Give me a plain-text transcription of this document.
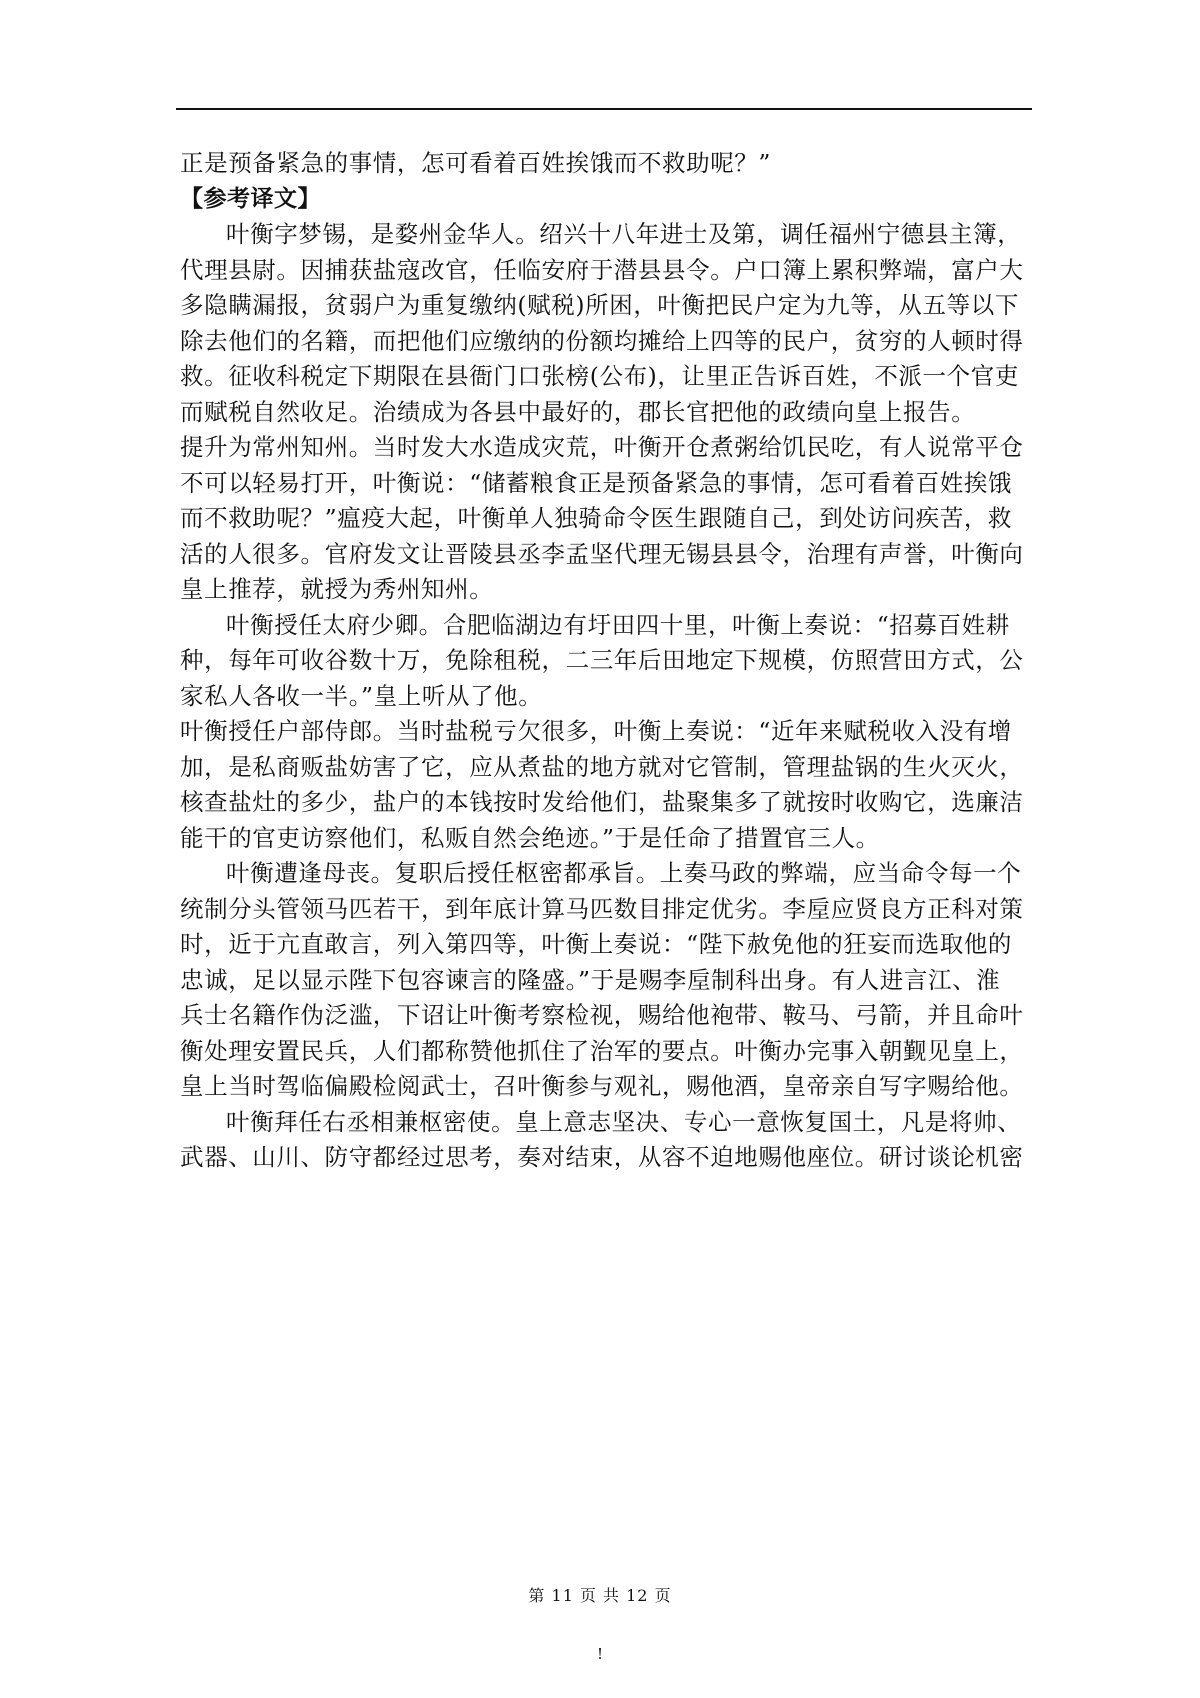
正是预备紧急的事情，怎可看着百姓挨饿而不救助呢？”

【参考译文】

叶衡字梦锡，是婺州金华人。绍兴十八年进士及第，调任福州宁德县主簿，

代理县尉。因捕获盐寇改官，任临安府于潜县县令。户口簿上累积弊端，富户大

多隐瞒漏报，贫弱户为重复缴纳(赋税)所困，叶衡把民户定为九等，从五等以下

除去他们的名籍，而把他们应缴纳的份额均摊给上四等的民户，贫穷的人顿时得

救。征收科税定下期限在县衙门口张榜(公布)，让里正告诉百姓，不派一个官吏

而赋税自然收足。治绩成为各县中最好的，郡长官把他的政绩向皇上报告。

提升为常州知州。当时发大水造成灾荒，叶衡开仓煮粥给饥民吃，有人说常平仓

不可以轻易打开，叶衡说：“储蓄粮食正是预备紧急的事情，怎可看着百姓挨饿

而不救助呢？”瘟疫大起，叶衡单人独骑命令医生跟随自己，到处访问疾苦，救

活的人很多。官府发文让晋陵县丞李孟坚代理无锡县县令，治理有声誉，叶衡向

皇上推荐，就授为秀州知州。

叶衡授任太府少卿。合肥临湖边有圩田四十里，叶衡上奏说：“招募百姓耕

种，每年可收谷数十万，免除租税，二三年后田地定下规模，仿照营田方式，公

家私人各收一半。”皇上听从了他。

叶衡授任户部侍郎。当时盐税亏欠很多，叶衡上奏说：“近年来赋税收入没有增

加，是私商贩盐妨害了它，应从煮盐的地方就对它管制，管理盐锅的生火灭火，

核查盐灶的多少，盐户的本钱按时发给他们，盐聚集多了就按时收购它，选廉洁

能干的官吏访察他们，私贩自然会绝迹。”于是任命了措置官三人。

叶衡遭逢母丧。复职后授任枢密都承旨。上奏马政的弊端，应当命令每一个

统制分头管领马匹若干，到年底计算马匹数目排定优劣。李垕应贤良方正科对策

时，近于亢直敢言，列入第四等，叶衡上奏说：“陛下赦免他的狂妄而选取他的

忠诚，足以显示陛下包容谏言的隆盛。”于是赐李垕制科出身。有人进言江、淮

兵士名籍作伪泛滥，下诏让叶衡考察检视，赐给他袍带、鞍马、弓箭，并且命叶

衡处理安置民兵，人们都称赞他抓住了治军的要点。叶衡办完事入朝觐见皇上，

皇上当时驾临偏殿检阅武士，召叶衡参与观礼，赐他酒，皇帝亲自写字赐给他。

叶衡拜任右丞相兼枢密使。皇上意志坚决、专心一意恢复国土，凡是将帅、

武器、山川、防守都经过思考，奏对结束，从容不迫地赐他座位。研讨谈论机密

第 11 页 共 12 页
!
